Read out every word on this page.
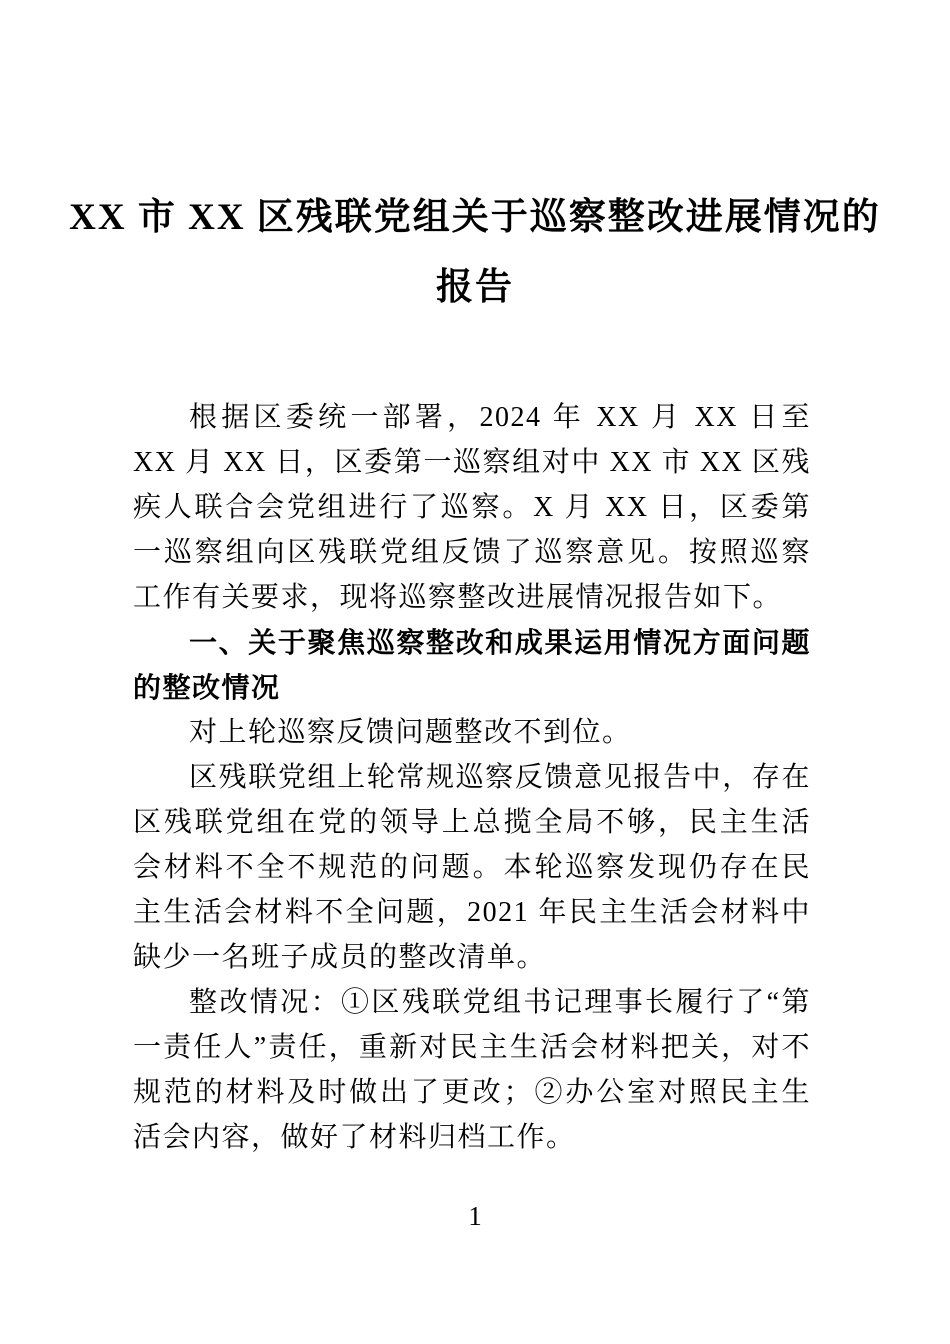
XX 市 XX 区残联党组关于巡察整改进展情况的报告

根据区委统一部署，2024 年 XX 月 XX 日至 XX 月 XX 日，区委第一巡察组对中 XX 市 XX 区残疾人联合会党组进行了巡察。X 月 XX 日，区委第一巡察组向区残联党组反馈了巡察意见。按照巡察工作有关要求，现将巡察整改进展情况报告如下。

一、关于聚焦巡察整改和成果运用情况方面问题的整改情况

对上轮巡察反馈问题整改不到位。

区残联党组上轮常规巡察反馈意见报告中，存在区残联党组在党的领导上总揽全局不够，民主生活会材料不全不规范的问题。本轮巡察发现仍存在民主生活会材料不全问题，2021 年民主生活会材料中缺少一名班子成员的整改清单。

整改情况：①区残联党组书记理事长履行了“第一责任人”责任，重新对民主生活会材料把关，对不规范的材料及时做出了更改；②办公室对照民主生活会内容，做好了材料归档工作。

1
